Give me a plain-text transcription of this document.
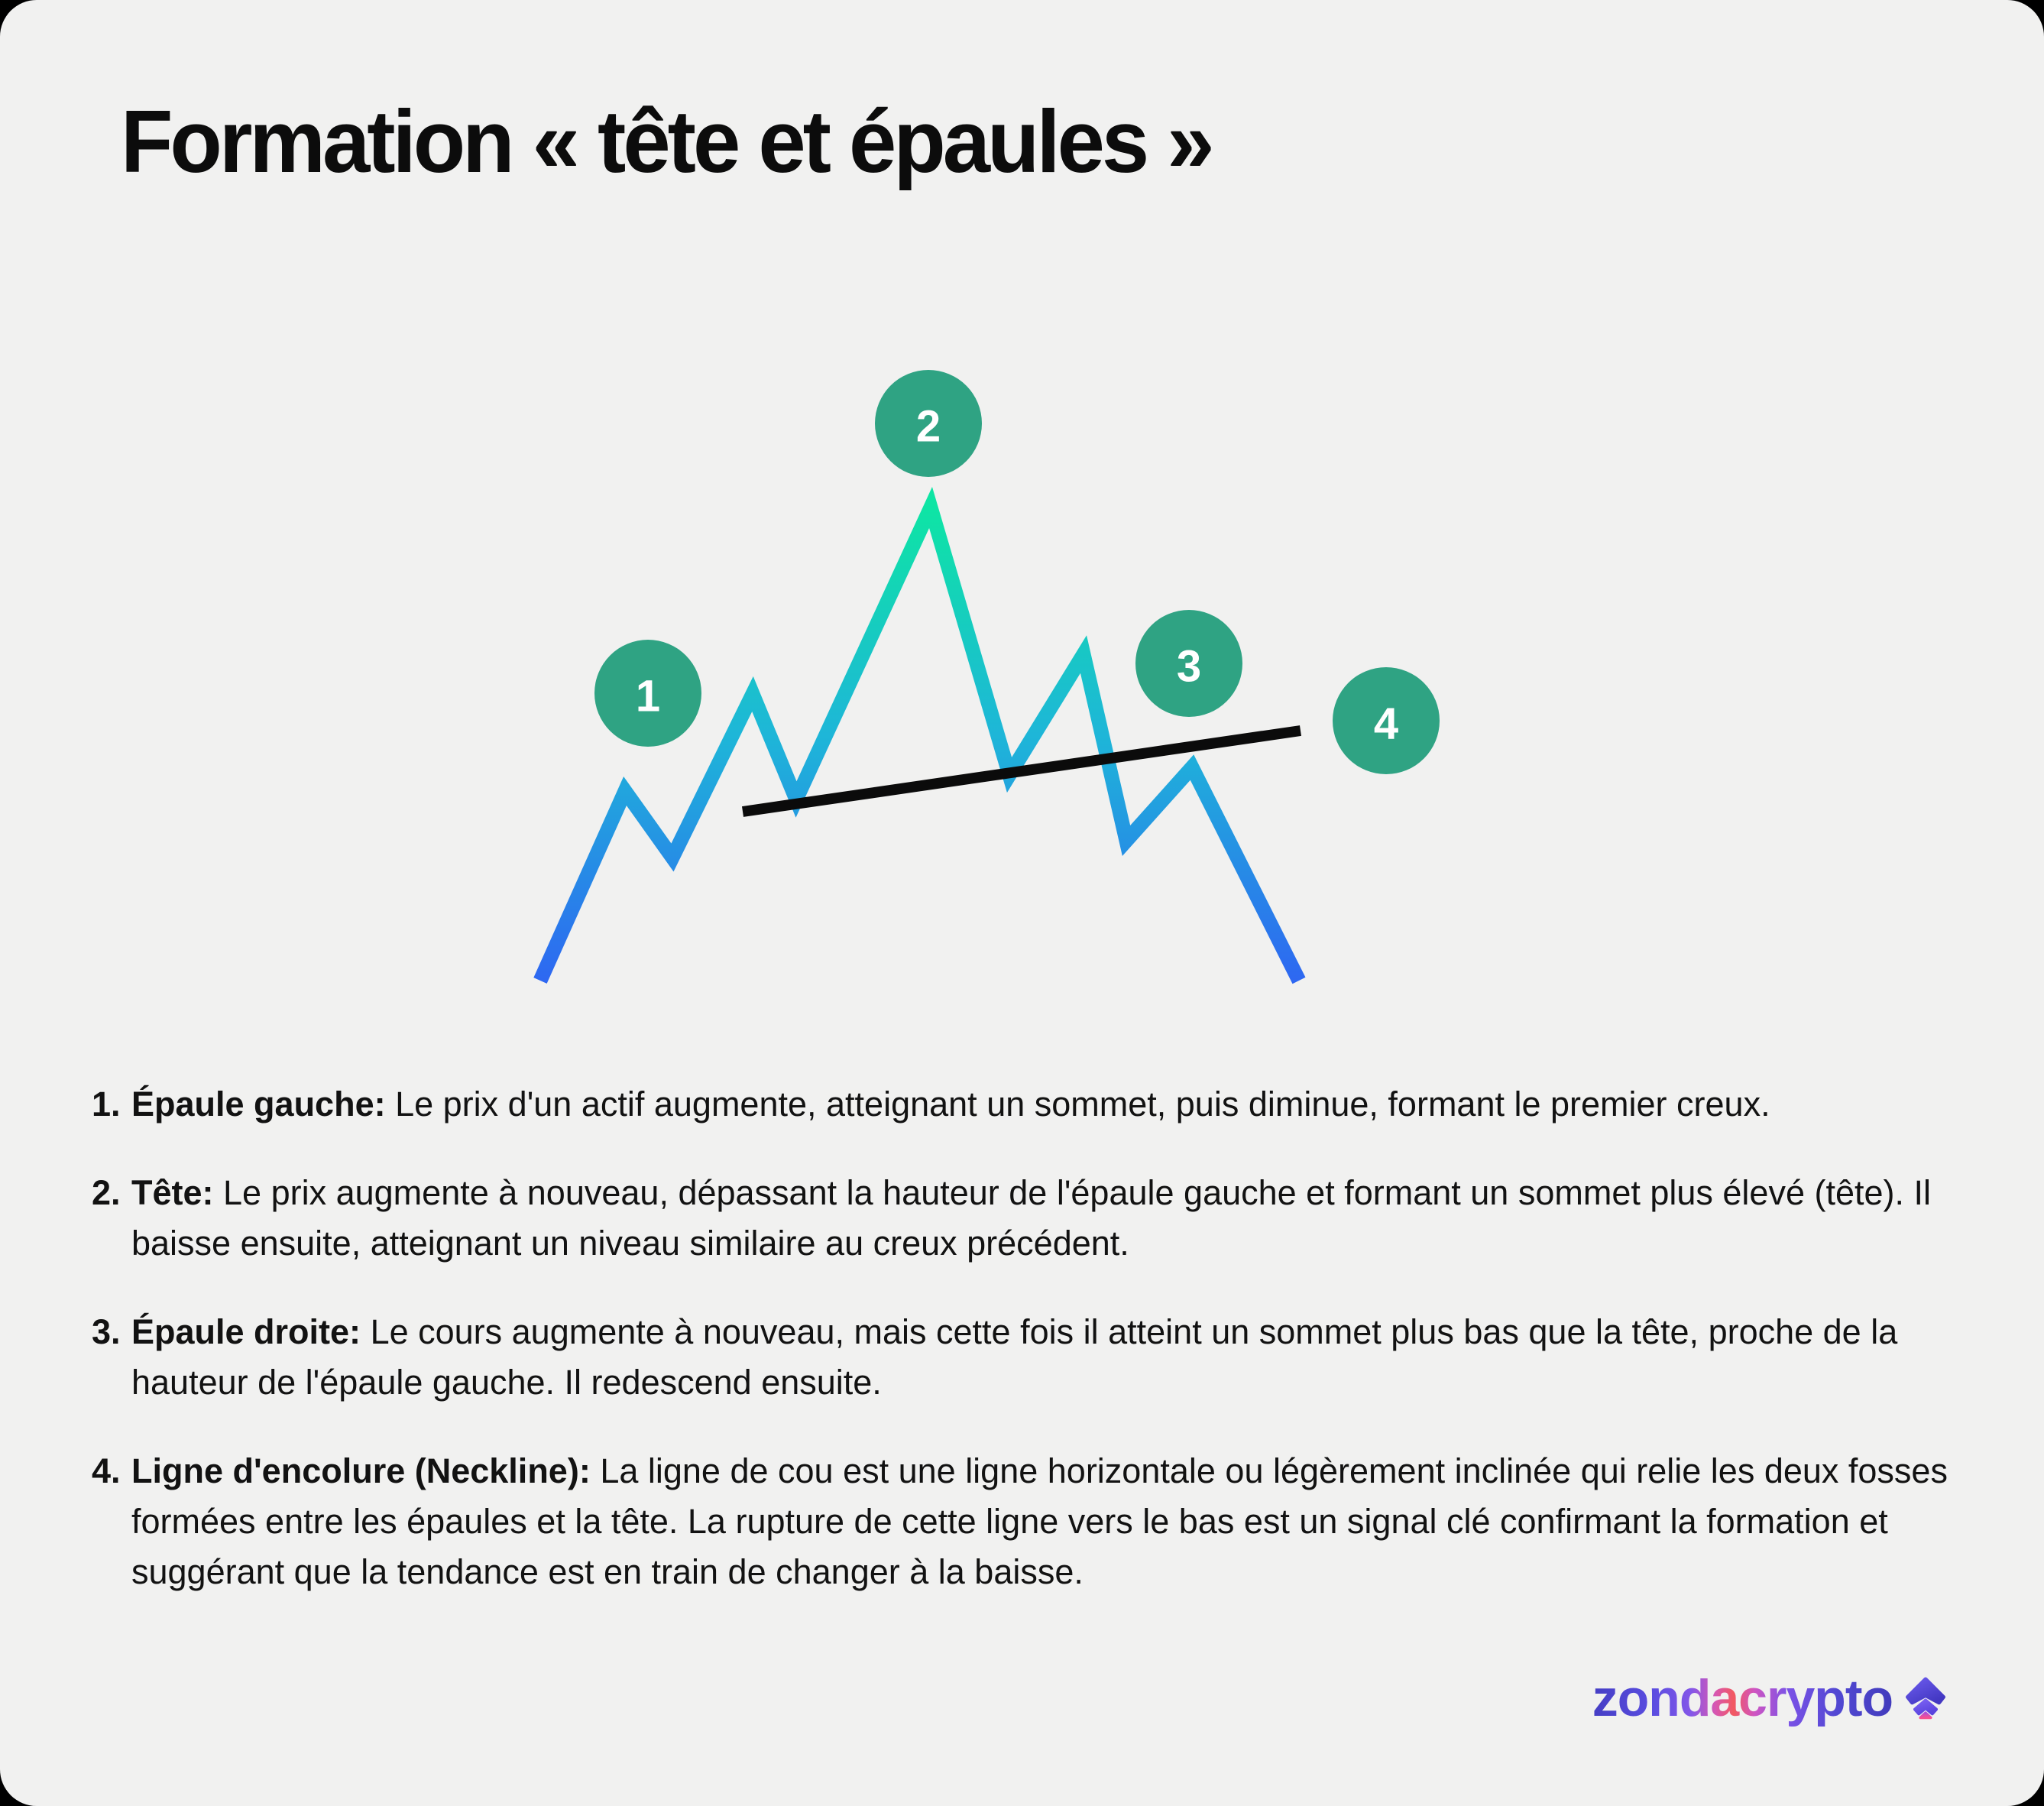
Formation « tête et épaules »
1
2
3
4
1. Épaule gauche: Le prix d'un actif augmente, atteignant un sommet, puis diminue, formant le premier creux.

2. Tête: Le prix augmente à nouveau, dépassant la hauteur de l'épaule gauche et formant un sommet plus élevé (tête). Il baisse ensuite, atteignant un niveau similaire au creux précédent.

3. Épaule droite: Le cours augmente à nouveau, mais cette fois il atteint un sommet plus bas que la tête, proche de la hauteur de l'épaule gauche. Il redescend ensuite.

4. Ligne d'encolure (Neckline): La ligne de cou est une ligne horizontale ou légèrement inclinée qui relie les deux fosses formées entre les épaules et la tête. La rupture de cette ligne vers le bas est un signal clé confirmant la formation et suggérant que la tendance est en train de changer à la baisse.

zondacrypto
